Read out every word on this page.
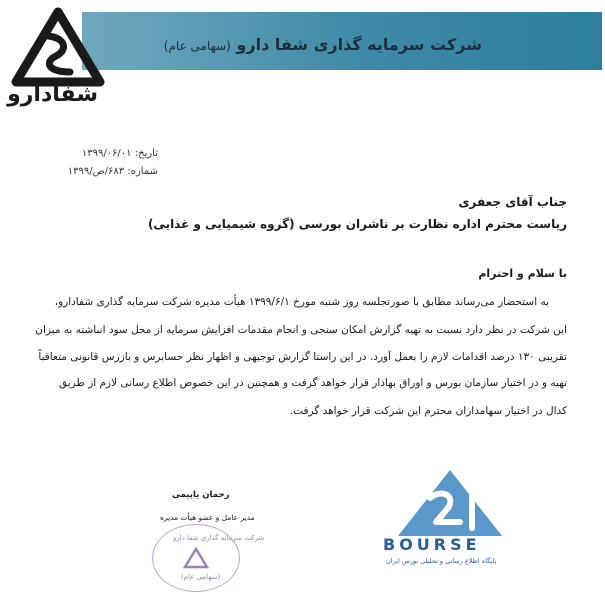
شرکت سرمایه گذاری شفا دارو (سهامی عام)
شفادارو
تاریخ: ۱۳۹۹/۰۶/۰۱
شماره: ۶۸۳/ص/۱۳۹۹
جناب آقای جعفری
ریاست محترم اداره نظارت بر ناشران بورسی (گروه شیمیایی و غذایی)
با سلام و احترام
به استحضار می‌رساند مطابق با صورتجلسه روز شنبه مورخ ۱۳۹۹/۶/۱ هیأت مدیره شرکت سرمایه گذاری شفادارو،
این شرکت در نظر دارد نسبت به تهیه گزارش امکان سنجی و انجام مقدمات افزایش سرمایه از محل سود انباشته به میزان
تقریبی ۱۳۰ درصد اقدامات لازم را بعمل آورد. در این راستا گزارش توجیهی و اظهار نظر حسابرس و بازرس قانونی متعاقباً
تهیه و در اختیار سازمان بورس و اوراق بهادار قرار خواهد گرفت و همچنین در این خصوص اطلاع رسانی لازم از طریق
کدال در اختیار سهامداران محترم این شرکت قرار خواهد گرفت.
رحمان یاپیمی
مدیر عامل و عضو هیأت مدیره
شرکت سرمایه گذاری شفا دارو
(سهامی عام)
BOURSE
پایگاه اطلاع رسانی و تحلیلی بورس ایران
